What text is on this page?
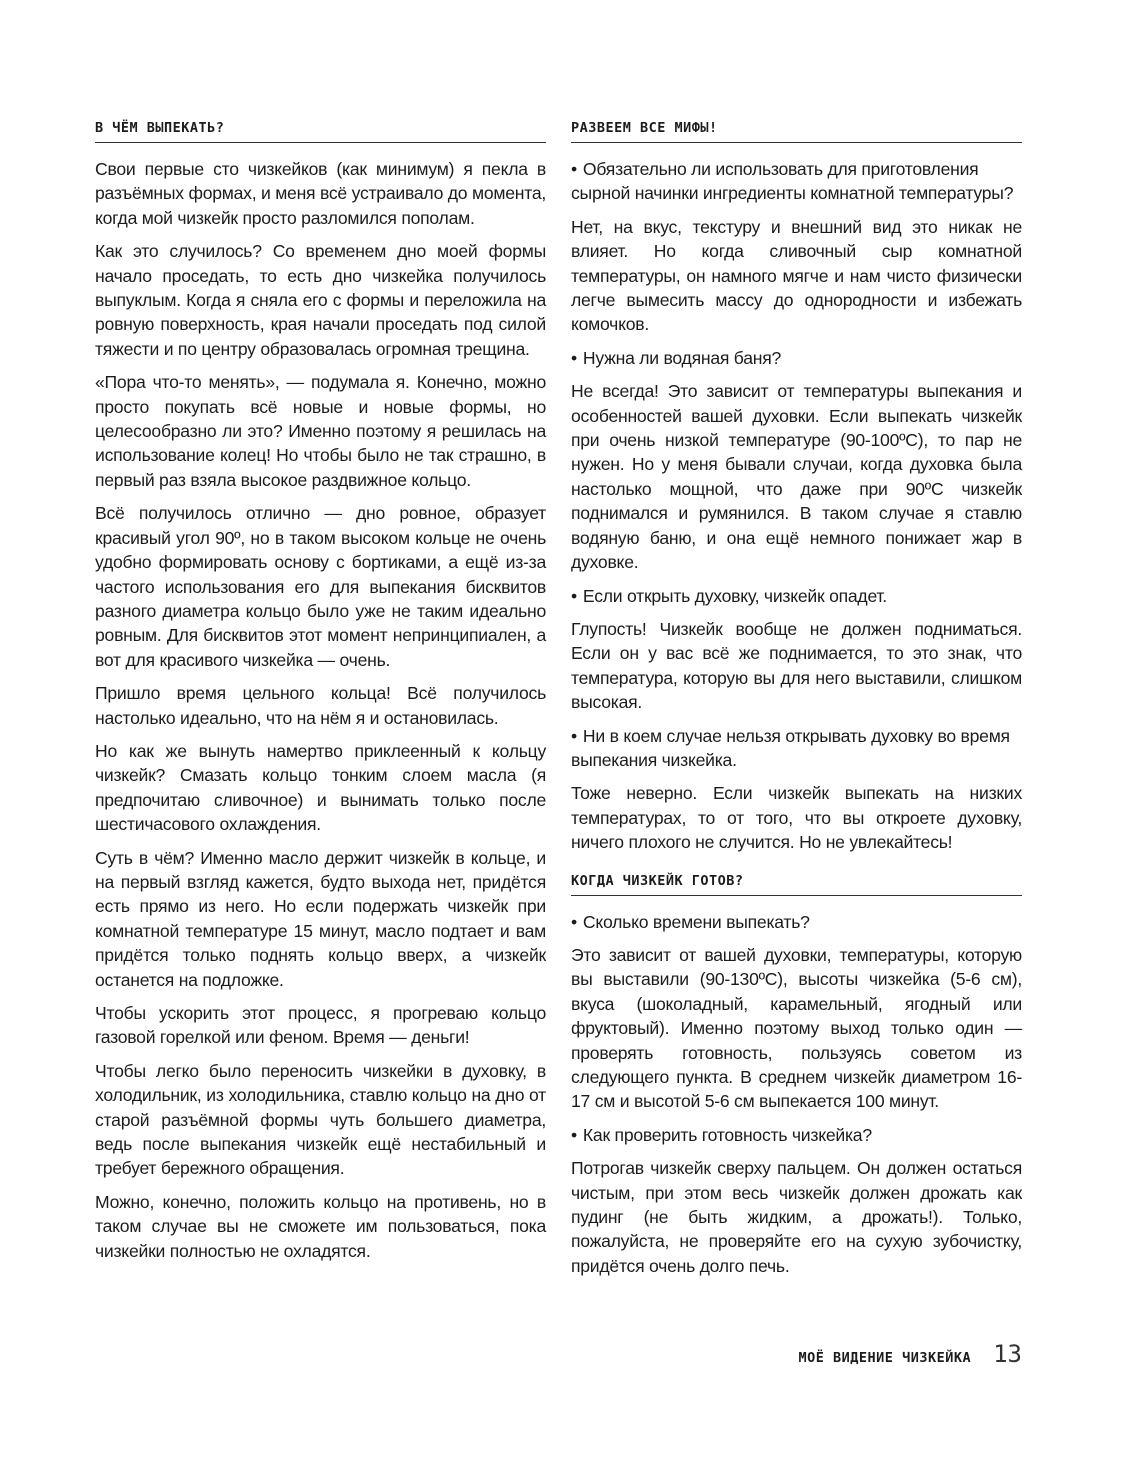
В ЧЁМ ВЫПЕКАТЬ?

Свои первые сто чизкейков (как минимум) я пекла в разъёмных формах, и меня всё устраивало до момента, когда мой чизкейк просто разломился пополам.

Как это случилось? Со временем дно моей формы начало проседать, то есть дно чизкейка получилось выпуклым. Когда я сняла его с формы и переложила на ровную поверхность, края начали проседать под силой тяжести и по центру образовалась огромная трещина.

«Пора что-то менять», — подумала я. Конечно, можно просто покупать всё новые и новые формы, но целесообразно ли это? Именно поэтому я решилась на использование колец! Но чтобы было не так страшно, в первый раз взяла высокое раздвижное кольцо.

Всё получилось отлично — дно ровное, образует красивый угол 90º, но в таком высоком кольце не очень удобно формировать основу с бортиками, а ещё из-за частого использования его для выпекания бисквитов разного диаметра кольцо было уже не таким идеально ровным. Для бисквитов этот момент непринципиален, а вот для красивого чизкейка — очень.

Пришло время цельного кольца! Всё получилось настолько идеально, что на нём я и остановилась.

Но как же вынуть намертво приклеенный к кольцу чизкейк? Смазать кольцо тонким слоем масла (я предпочитаю сливочное) и вынимать только после шестичасового охлаждения.

Суть в чём? Именно масло держит чизкейк в кольце, и на первый взгляд кажется, будто выхода нет, придётся есть прямо из него. Но если подержать чизкейк при комнатной температуре 15 минут, масло подтает и вам придётся только поднять кольцо вверх, а чизкейк останется на подложке.

Чтобы ускорить этот процесс, я прогреваю кольцо газовой горелкой или феном. Время — деньги!

Чтобы легко было переносить чизкейки в духовку, в холодильник, из холодильника, ставлю кольцо на дно от старой разъёмной формы чуть большего диаметра, ведь после выпекания чизкейк ещё нестабильный и требует бережного обращения.

Можно, конечно, положить кольцо на противень, но в таком случае вы не сможете им пользоваться, пока чизкейки полностью не охладятся.

РАЗВЕЕМ ВСЕ МИФЫ!

• Обязательно ли использовать для приготовления сырной начинки ингредиенты комнатной температуры?

Нет, на вкус, текстуру и внешний вид это никак не влияет. Но когда сливочный сыр комнатной температуры, он намного мягче и нам чисто физически легче вымесить массу до однородности и избежать комочков.

• Нужна ли водяная баня?

Не всегда! Это зависит от температуры выпекания и особенностей вашей духовки. Если выпекать чизкейк при очень низкой температуре (90-100ºС), то пар не нужен. Но у меня бывали случаи, когда духовка была настолько мощной, что даже при 90ºС чизкейк поднимался и румянился. В таком случае я ставлю водяную баню, и она ещё немного понижает жар в духовке.

• Если открыть духовку, чизкейк опадет.

Глупость! Чизкейк вообще не должен подниматься. Если он у вас всё же поднимается, то это знак, что температура, которую вы для него выставили, слишком высокая.

• Ни в коем случае нельзя открывать духовку во время выпекания чизкейка.

Тоже неверно. Если чизкейк выпекать на низких температурах, то от того, что вы откроете духовку, ничего плохого не случится. Но не увлекайтесь!

КОГДА ЧИЗКЕЙК ГОТОВ?

• Сколько времени выпекать?

Это зависит от вашей духовки, температуры, которую вы выставили (90-130ºС), высоты чизкейка (5-6 см), вкуса (шоколадный, карамельный, ягодный или фруктовый). Именно поэтому выход только один — проверять готовность, пользуясь советом из следующего пункта. В среднем чизкейк диаметром 16-17 см и высотой 5-6 см выпекается 100 минут.

• Как проверить готовность чизкейка?

Потрогав чизкейк сверху пальцем. Он должен остаться чистым, при этом весь чизкейк должен дрожать как пудинг (не быть жидким, а дрожать!). Только, пожалуйста, не проверяйте его на сухую зубочистку, придётся очень долго печь.

МОЁ ВИДЕНИЕ ЧИЗКЕЙКА 13
